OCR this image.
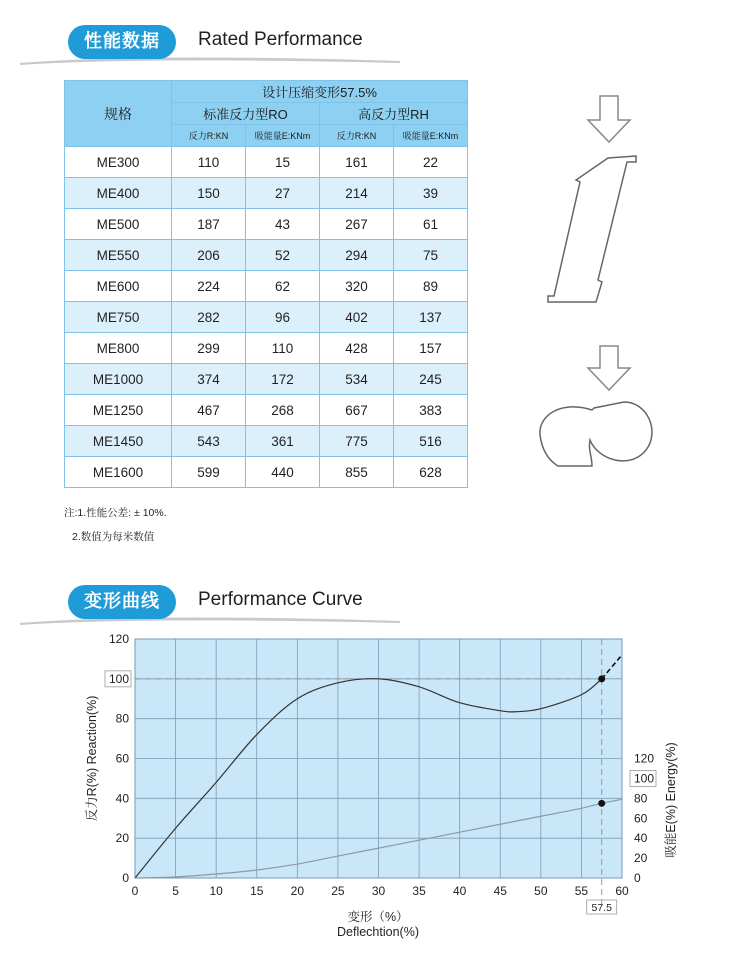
性能数据	Rated Performance
规格	设计压缩变形57.5%			
	标准反力型RO		高反力型RH	
	反力R:KN	吸能量E:KNm	反力R:KN	吸能量E:KNm
ME300	110	15	161	22
ME400	150	27	214	39
ME500	187	43	267	61
ME550	206	52	294	75
ME600	224	62	320	89
ME750	282	96	402	137
ME800	299	110	428	157
ME1000	374	172	534	245
ME1250	467	268	667	383
ME1450	543	361	775	516
ME1600	599	440	855	628
注:1.性能公差: ± 10%.
2.数值为每米数值
变形曲线	Performance Curve
0	5	10 15 20 25 30 35 40 45 50 55 60
0
20
40
60
80
100
120
0
20
40
60
80
100
120
57.5
变形（%）
Deflechtion(%)
反力R(%) Reaction(%)	吸能E(%) Energy(%)
